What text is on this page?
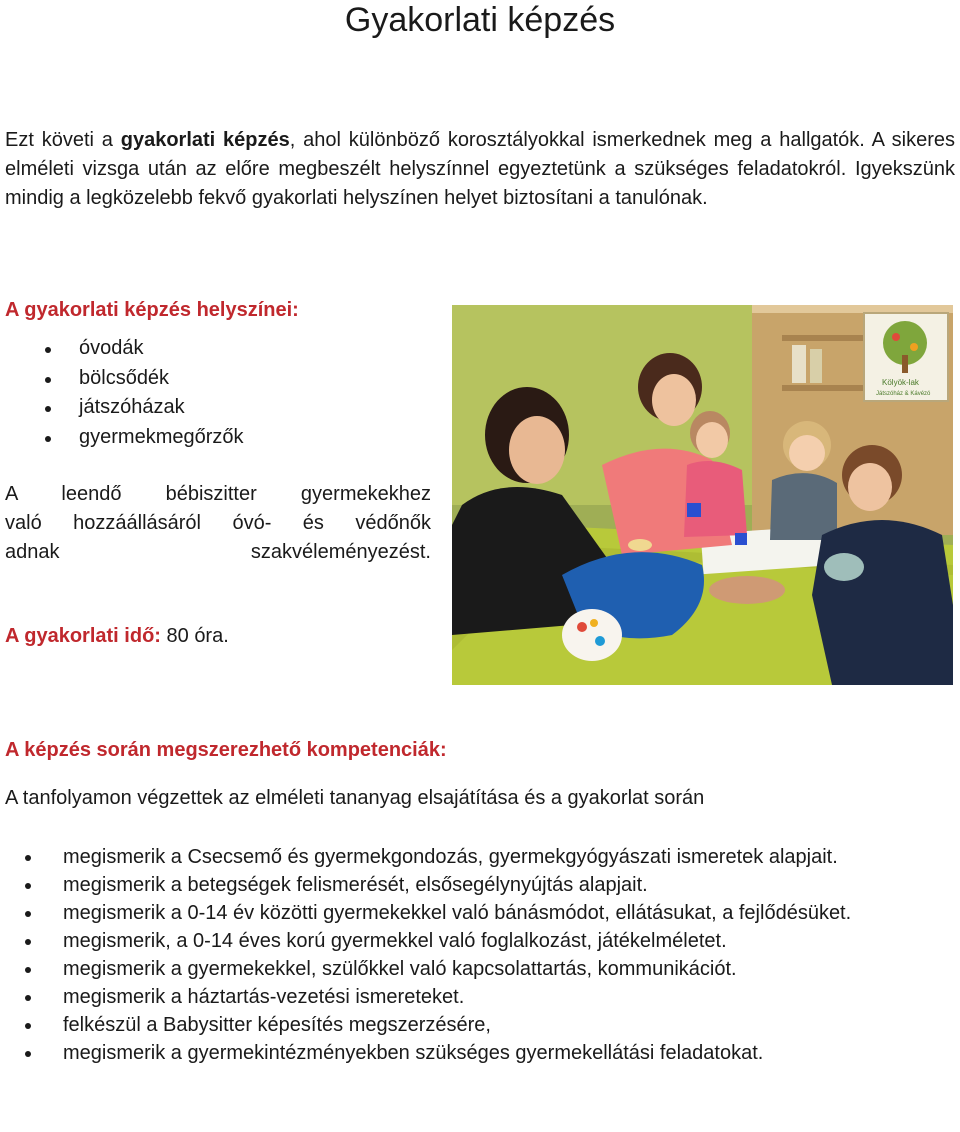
Gyakorlati képzés

Ezt követi a gyakorlati képzés, ahol különböző korosztályokkal ismerkednek meg a hallgatók. A sikeres elméleti vizsga után az előre megbeszélt helyszínnel egyeztetünk a szükséges feladatokról. Igyekszünk mindig a legközelebb fekvő gyakorlati helyszínen helyet biztosítani a tanulónak.

A gyakorlati képzés helyszínei:
óvodák
bölcsődék
játszóházak
gyermekmegőrzők

A leendő bébiszitter gyermekekhez
való hozzáállásáról óvó- és védőnők
adnak szakvéleményezést.

A gyakorlati idő: 80 óra.

Kölyök-lak
Játszóház & Kávézó
A képzés során megszerezhető kompetenciák:

A tanfolyamon végzettek az elméleti tananyag elsajátítása és a gyakorlat során

megismerik a Csecsemő és gyermekgondozás, gyermekgyógyászati ismeretek alapjait.
megismerik a betegségek felismerését, elsősegélynyújtás alapjait.
megismerik a 0-14 év közötti gyermekekkel való bánásmódot, ellátásukat, a fejlődésüket.
megismerik, a 0-14 éves korú gyermekkel való foglalkozást, játékelméletet.
megismerik a gyermekekkel, szülőkkel való kapcsolattartás, kommunikációt.
megismerik a háztartás-vezetési ismereteket.
felkészül a Babysitter képesítés megszerzésére,
megismerik a gyermekintézményekben szükséges gyermekellátási feladatokat.
